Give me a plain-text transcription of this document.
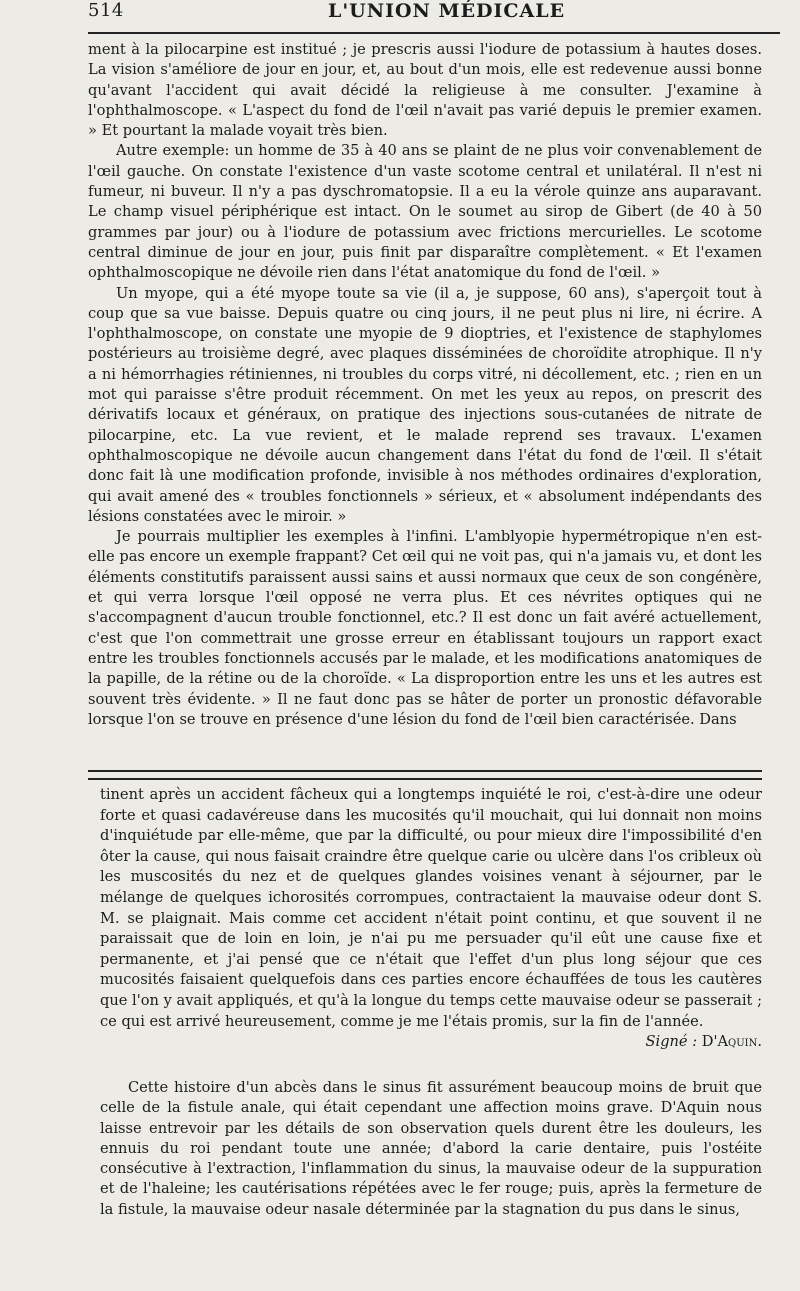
514	L'UNION MÉDICALE

ment à la pilocarpine est institué ; je prescris aussi l'iodure de potassium à hautes doses. La vision s'améliore de jour en jour, et, au bout d'un mois, elle est redevenue aussi bonne qu'avant l'accident qui avait décidé la religieuse à me consulter. J'examine à l'ophthalmoscope. « L'aspect du fond de l'œil n'avait pas varié depuis le premier examen. » Et pourtant la malade voyait très bien.

Autre exemple: un homme de 35 à 40 ans se plaint de ne plus voir convenablement de l'œil gauche. On constate l'existence d'un vaste scotome central et unilatéral. Il n'est ni fumeur, ni buveur. Il n'y a pas dyschromatopsie. Il a eu la vérole quinze ans auparavant. Le champ visuel périphérique est intact. On le soumet au sirop de Gibert (de 40 à 50 grammes par jour) ou à l'iodure de potassium avec frictions mercurielles. Le scotome central diminue de jour en jour, puis finit par disparaître complètement. « Et l'examen ophthalmoscopique ne dévoile rien dans l'état anatomique du fond de l'œil. »

Un myope, qui a été myope toute sa vie (il a, je suppose, 60 ans), s'aperçoit tout à coup que sa vue baisse. Depuis quatre ou cinq jours, il ne peut plus ni lire, ni écrire. A l'ophthalmoscope, on constate une myopie de 9 dioptries, et l'existence de staphylomes postérieurs au troisième degré, avec plaques disséminées de choroïdite atrophique. Il n'y a ni hémorrhagies rétiniennes, ni troubles du corps vitré, ni décollement, etc. ; rien en un mot qui paraisse s'être produit récemment. On met les yeux au repos, on prescrit des dérivatifs locaux et généraux, on pratique des injections sous-cutanées de nitrate de pilocarpine, etc. La vue revient, et le malade reprend ses travaux. L'examen ophthalmoscopique ne dévoile aucun changement dans l'état du fond de l'œil. Il s'était donc fait là une modification profonde, invisible à nos méthodes ordinaires d'exploration, qui avait amené des « troubles fonctionnels » sérieux, et « absolument indépendants des lésions constatées avec le miroir. »

Je pourrais multiplier les exemples à l'infini. L'amblyopie hypermétropique n'en est-elle pas encore un exemple frappant? Cet œil qui ne voit pas, qui n'a jamais vu, et dont les éléments constitutifs paraissent aussi sains et aussi normaux que ceux de son congénère, et qui verra lorsque l'œil opposé ne verra plus. Et ces névrites optiques qui ne s'accompagnent d'aucun trouble fonctionnel, etc.? Il est donc un fait avéré actuellement, c'est que l'on commettrait une grosse erreur en établissant toujours un rapport exact entre les troubles fonctionnels accusés par le malade, et les modifications anatomiques de la papille, de la rétine ou de la choroïde. « La disproportion entre les uns et les autres est souvent très évidente. » Il ne faut donc pas se hâter de porter un pronostic défavorable lorsque l'on se trouve en présence d'une lésion du fond de l'œil bien caractérisée. Dans

tinent après un accident fâcheux qui a longtemps inquiété le roi, c'est-à-dire une odeur forte et quasi cadavéreuse dans les mucosités qu'il mouchait, qui lui donnait non moins d'inquiétude par elle-même, que par la difficulté, ou pour mieux dire l'impossibilité d'en ôter la cause, qui nous faisait craindre être quelque carie ou ulcère dans l'os cribleux où les muscosités du nez et de quelques glandes voisines venant à séjourner, par le mélange de quelques ichorosités corrompues, contractaient la mauvaise odeur dont S. M. se plaignait. Mais comme cet accident n'était point continu, et que souvent il ne paraissait que de loin en loin, je n'ai pu me persuader qu'il eût une cause fixe et permanente, et j'ai pensé que ce n'était que l'effet d'un plus long séjour que ces mucosités faisaient quelquefois dans ces parties encore échauffées de tous les cautères que l'on y avait appliqués, et qu'à la longue du temps cette mauvaise odeur se passerait ; ce qui est arrivé heureusement, comme je me l'étais promis, sur la fin de l'année.

Signé : D'Aquin.

Cette histoire d'un abcès dans le sinus fit assurément beaucoup moins de bruit que celle de la fistule anale, qui était cependant une affection moins grave. D'Aquin nous laisse entrevoir par les détails de son observation quels durent être les douleurs, les ennuis du roi pendant toute une année; d'abord la carie dentaire, puis l'ostéite consécutive à l'extraction, l'inflammation du sinus, la mauvaise odeur de la suppuration et de l'haleine; les cautérisations répétées avec le fer rouge; puis, après la fermeture de la fistule, la mauvaise odeur nasale déterminée par la stagnation du pus dans le sinus,
